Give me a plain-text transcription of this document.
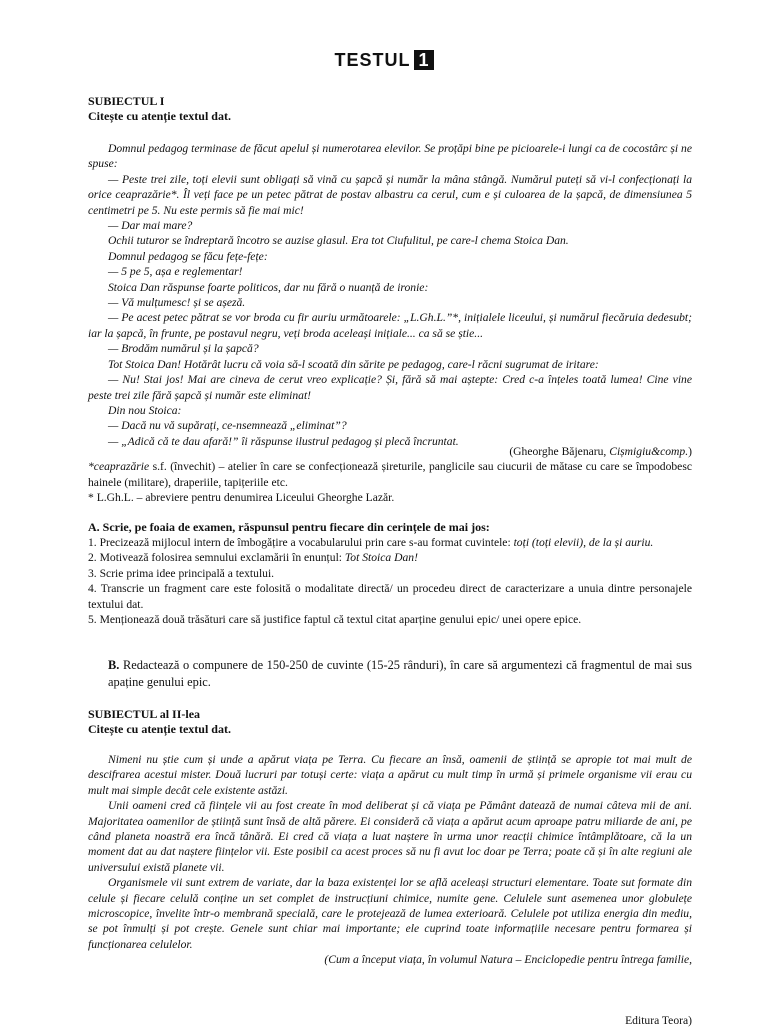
TESTUL 1

SUBIECTUL I

Citește cu atenție textul dat.

Domnul pedagog terminase de făcut apelul și numerotarea elevilor. Se proțăpi bine pe picioarele-i lungi ca de cocostârc și ne spuse:

— Peste trei zile, toți elevii sunt obligați să vină cu șapcă și număr la mâna stângă. Numărul puteți să vi-l confecționați la orice ceaprazărie*. Îl veți face pe un petec pătrat de postav albastru ca cerul, cum e și culoarea de la șapcă, de dimensiunea 5 centimetri pe 5. Nu este permis să fie mai mic!

— Dar mai mare?

Ochii tuturor se îndreptară încotro se auzise glasul. Era tot Ciufulitul, pe care-l chema Stoica Dan.

Domnul pedagog se făcu fețe-fețe:

— 5 pe 5, așa e reglementar!

Stoica Dan răspunse foarte politicos, dar nu fără o nuanță de ironie:

— Vă mulțumesc! și se așeză.

— Pe acest petec pătrat se vor broda cu fir auriu următoarele: „L.Gh.L.”*, inițialele liceului, și numărul fiecăruia dedesubt; iar la șapcă, în frunte, pe postavul negru, veți broda aceleași inițiale... ca să se știe...

— Brodăm numărul și la șapcă?

Tot Stoica Dan! Hotărât lucru că voia să-l scoată din sărite pe pedagog, care-l răcni sugrumat de iritare:

— Nu! Stai jos! Mai are cineva de cerut vreo explicație? Și, fără să mai aștepte: Cred c-a înțeles toată lumea! Cine vine peste trei zile fără șapcă și număr este eliminat!

Din nou Stoica:

— Dacă nu vă supărați, ce-nsemnează „eliminat”?

— „Adică că te dau afară!” îi răspunse ilustrul pedagog și plecă încruntat.

(Gheorghe Băjenaru, Cișmigiu&comp.)

*ceaprazărie s.f. (învechit) – atelier în care se confecționează șireturile, panglicile sau ciucurii de mătase cu care se împodobesc hainele (militare), draperiile, tapițeriile etc.

* L.Gh.L. – abreviere pentru denumirea Liceului Gheorghe Lazăr.

A. Scrie, pe foaia de examen, răspunsul pentru fiecare din cerințele de mai jos:

1. Precizează mijlocul intern de îmbogățire a vocabularului prin care s-au format cuvintele: toți (toți elevii), de la și auriu.

2. Motivează folosirea semnului exclamării în enunțul: Tot Stoica Dan!

3. Scrie prima idee principală a textului.

4. Transcrie un fragment care este folosită o modalitate directă/ un procedeu direct de caracterizare a unuia dintre personajele textului dat.

5. Menționează două trăsături care să justifice faptul că textul citat aparține genului epic/ unei opere epice.

B. Redactează o compunere de 150-250 de cuvinte (15-25 rânduri), în care să argumentezi că fragmentul de mai sus apaține genului epic.

SUBIECTUL al II-lea

Citește cu atenție textul dat.

Nimeni nu știe cum și unde a apărut viața pe Terra. Cu fiecare an însă, oamenii de știință se apropie tot mai mult de descifrarea acestui mister. Două lucruri par totuși certe: viața a apărut cu mult timp în urmă și primele organisme vii erau cu mult mai simple decât cele existente astăzi.

Unii oameni cred că ființele vii au fost create în mod deliberat și că viața pe Pământ datează de numai câteva mii de ani. Majoritatea oamenilor de știință sunt însă de altă părere. Ei consideră că viața a apărut acum aproape patru miliarde de ani, pe când planeta noastră era încă tânără. Ei cred că viața a luat naștere în urma unor reacții chimice întâmplătoare, că la un moment dat au dat naștere ființelor vii. Este posibil ca acest proces să nu fi avut loc doar pe Terra; poate că și în alte regiuni ale universului există planete vii.

Organismele vii sunt extrem de variate, dar la baza existenței lor se află aceleași structuri elementare. Toate sut formate din celule și fiecare celulă conține un set complet de instrucțiuni chimice, numite gene. Celulele sunt asemenea unor globulețe microscopice, învelite într-o membrană specială, care le protejează de lumea exterioară. Celulele pot utiliza energia din mediu, se pot înmulți și pot crește. Genele sunt chiar mai importante; ele cuprind toate informațiile necesare pentru formarea și funcționarea celulelor.

(Cum a început viața, în volumul Natura – Enciclopedie pentru întrega familie,

Editura Teora)
